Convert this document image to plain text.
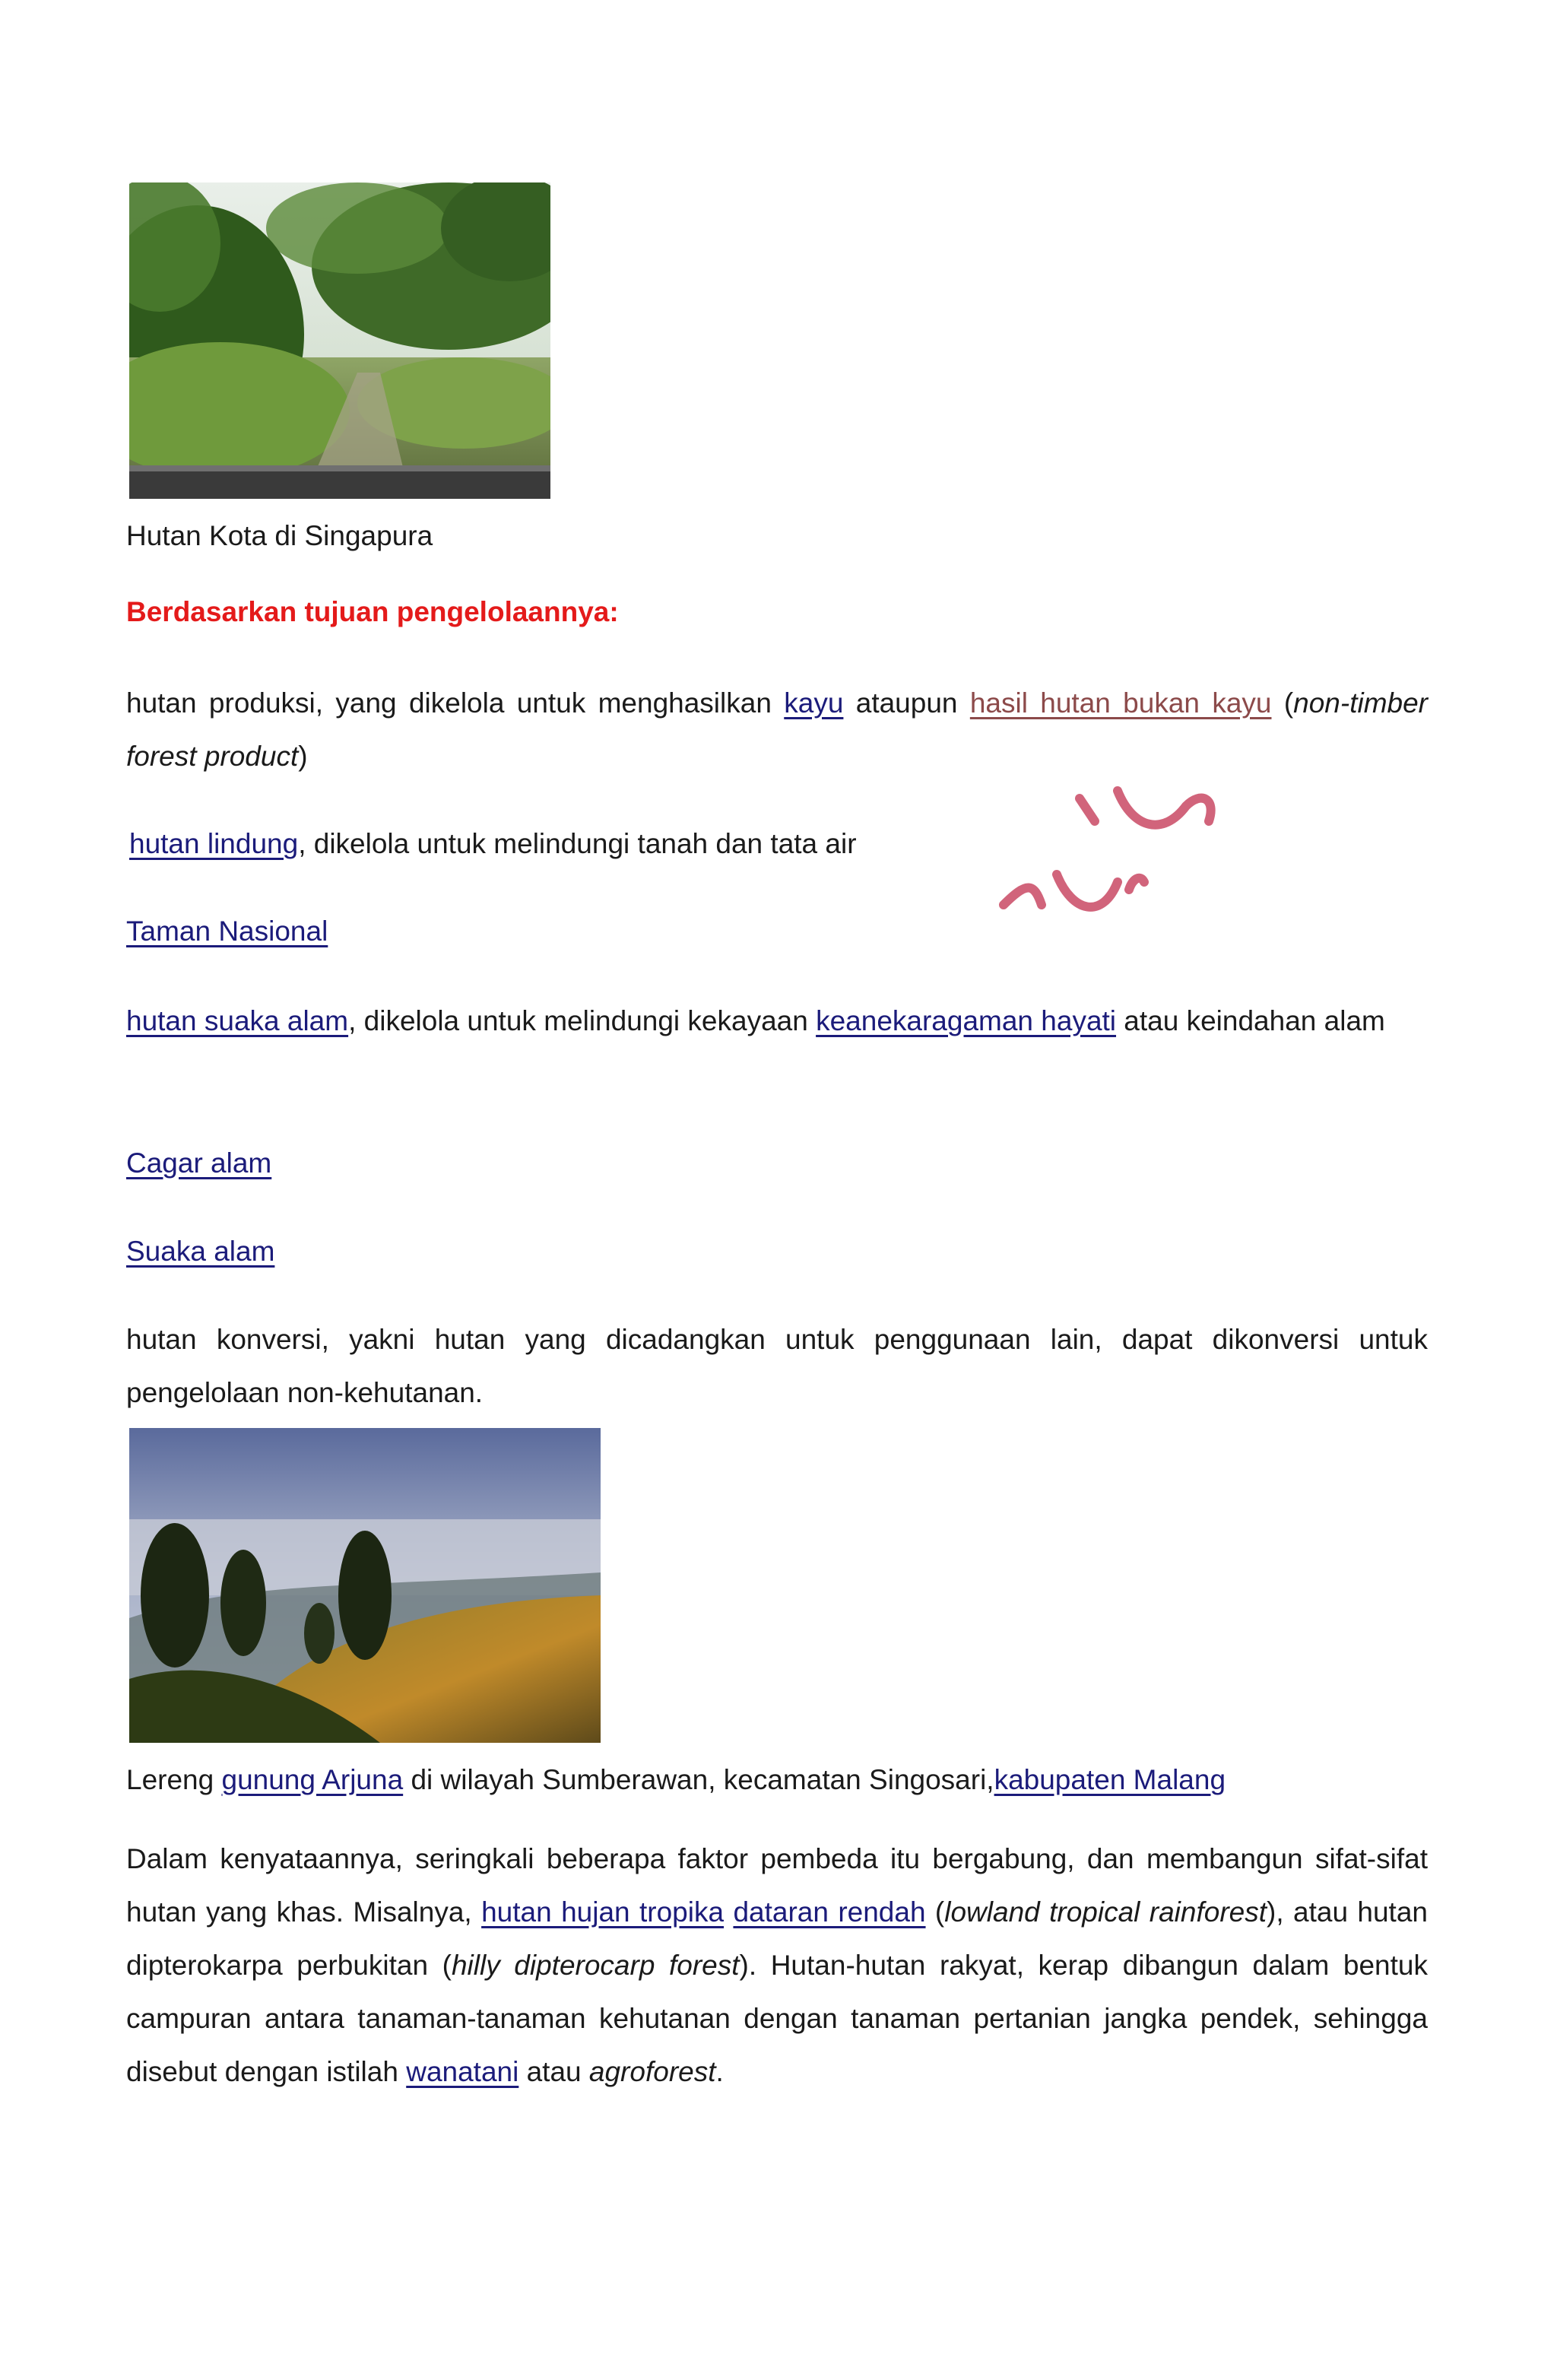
Hutan Kota di Singapura

Berdasarkan tujuan pengelolaannya:

hutan produksi, yang dikelola untuk menghasilkan kayu ataupun hasil hutan bukan kayu (non-timber forest product)

hutan lindung, dikelola untuk melindungi tanah dan tata air

Taman Nasional

hutan suaka alam, dikelola untuk melindungi kekayaan keanekaragaman hayati atau keindahan alam

Cagar alam

Suaka alam

hutan konversi, yakni hutan yang dicadangkan untuk penggunaan lain, dapat dikonversi untuk pengelolaan non-kehutanan.

Lereng gunung Arjuna di wilayah Sumberawan, kecamatan Singosari,kabupaten Malang

Dalam kenyataannya, seringkali beberapa faktor pembeda itu bergabung, dan membangun sifat-sifat hutan yang khas. Misalnya, hutan hujan tropika dataran rendah (lowland tropical rainforest), atau hutan dipterokarpa perbukitan (hilly dipterocarp forest). Hutan-hutan rakyat, kerap dibangun dalam bentuk campuran antara tanaman-tanaman kehutanan dengan tanaman pertanian jangka pendek, sehingga disebut dengan istilah wanatani atau agroforest.
